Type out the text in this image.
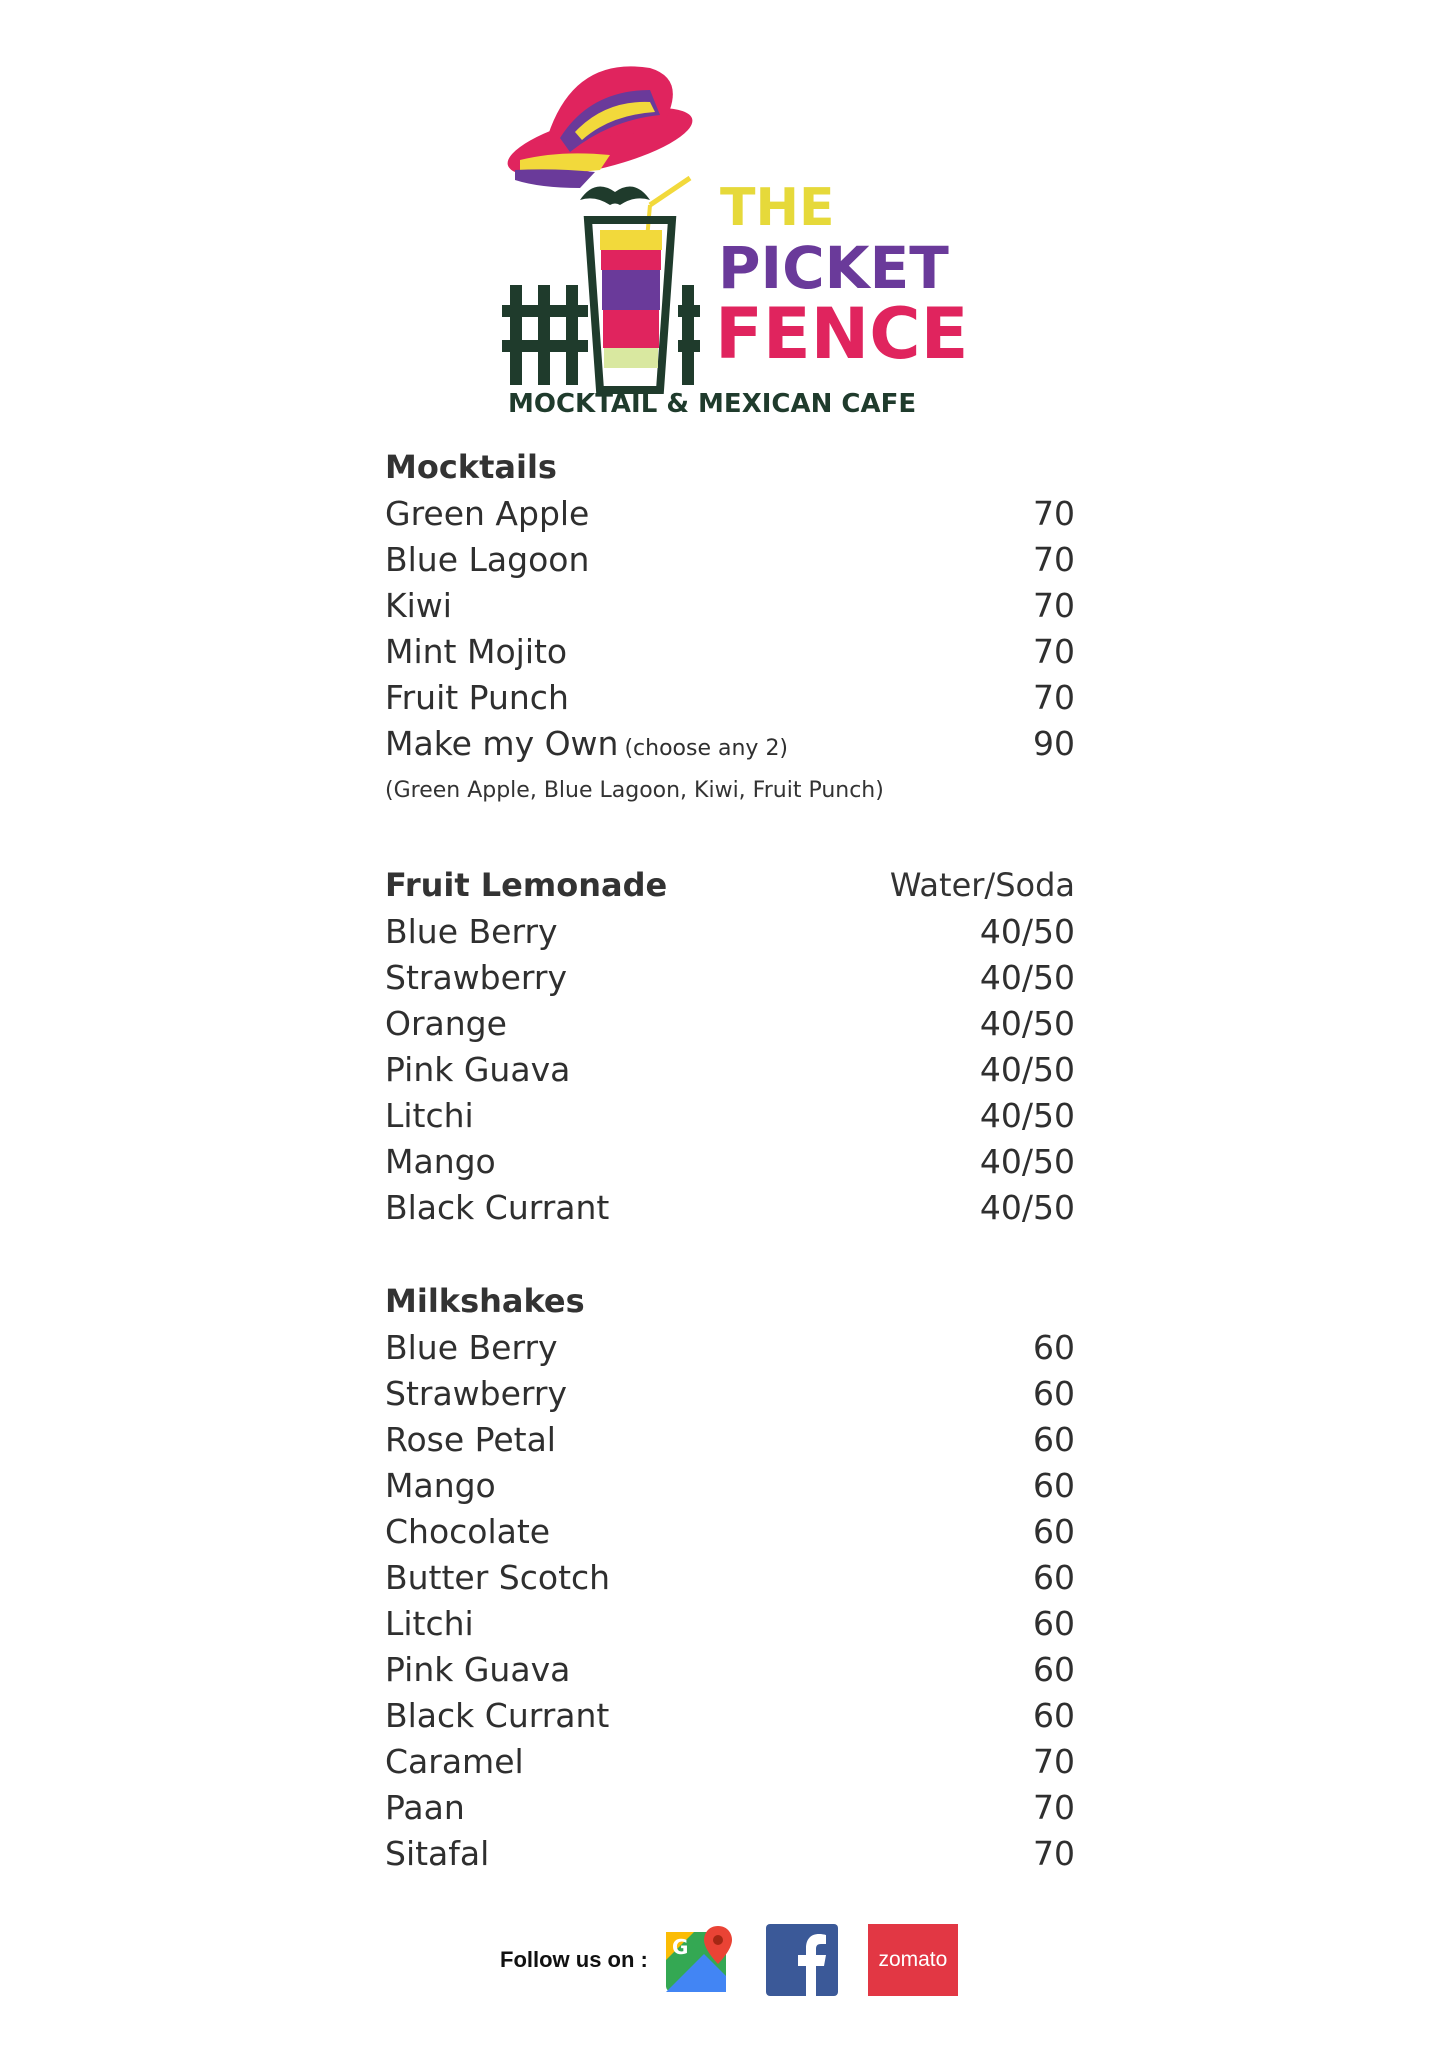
THE
PICKET
FENCE
MOCKTAIL & MEXICAN CAFE
Mocktails
Green Apple	70
Blue Lagoon	70
Kiwi	70
Mint Mojito	70
Fruit Punch	70
Make my Own (choose any 2)	90
(Green Apple, Blue Lagoon, Kiwi, Fruit Punch)
Fruit Lemonade	Water/Soda
Blue Berry	40/50
Strawberry	40/50
Orange	40/50
Pink Guava	40/50
Litchi	40/50
Mango	40/50
Black Currant	40/50
Milkshakes
Blue Berry	60
Strawberry	60
Rose Petal	60
Mango	60
Chocolate	60
Butter Scotch	60
Litchi	60
Pink Guava	60
Black Currant	60
Caramel	70
Paan	70
Sitafal	70
Follow us on : G
zomato
